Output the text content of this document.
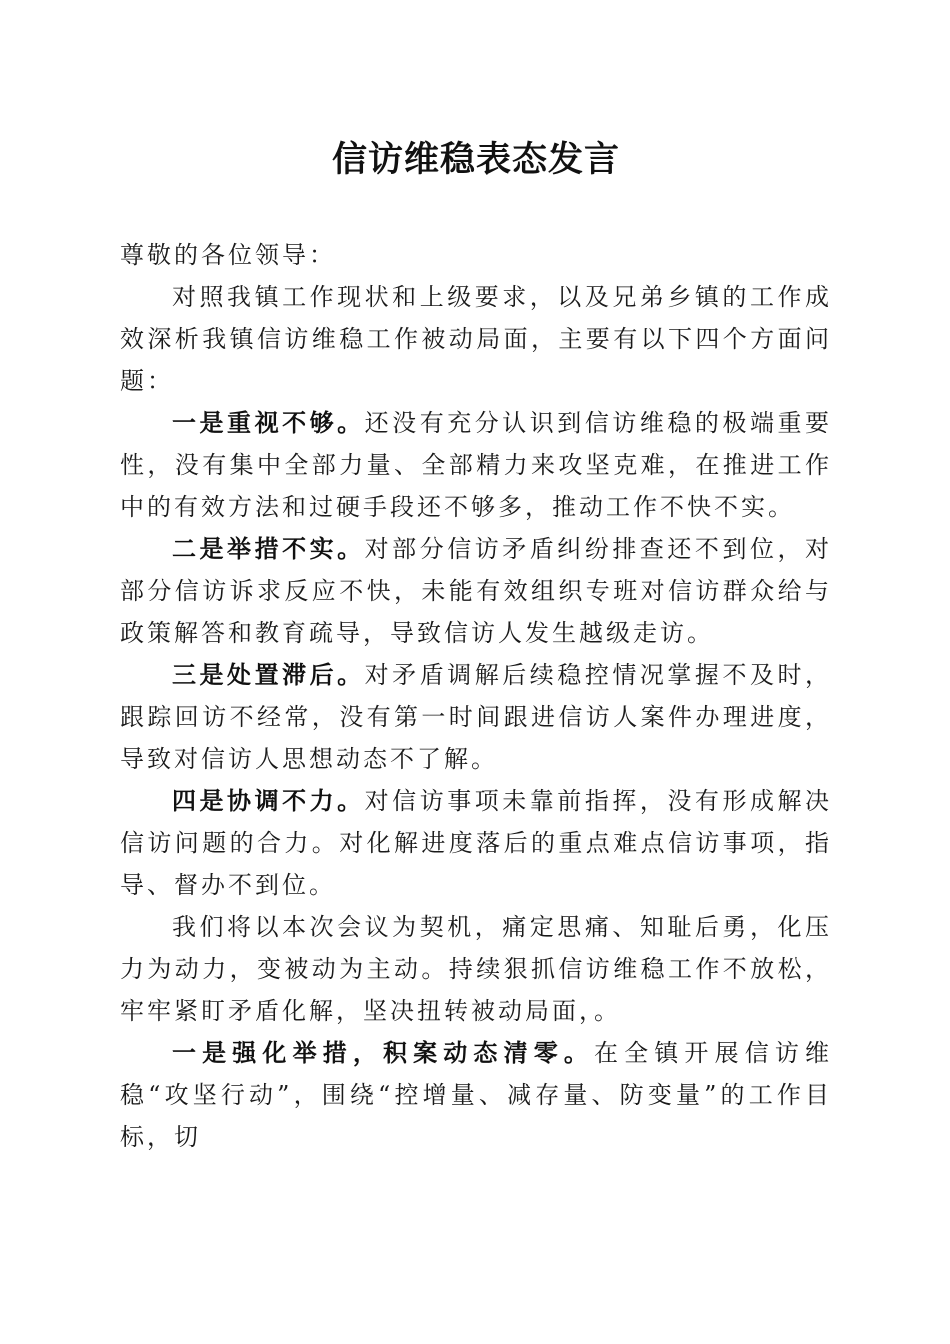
信访维稳表态发言

尊敬的各位领导：

对照我镇工作现状和上级要求，以及兄弟乡镇的工作成效深析我镇信访维稳工作被动局面，主要有以下四个方面问题：

一是重视不够。还没有充分认识到信访维稳的极端重要性，没有集中全部力量、全部精力来攻坚克难，在推进工作中的有效方法和过硬手段还不够多，推动工作不快不实。

二是举措不实。对部分信访矛盾纠纷排查还不到位，对部分信访诉求反应不快，未能有效组织专班对信访群众给与政策解答和教育疏导，导致信访人发生越级走访。

三是处置滞后。对矛盾调解后续稳控情况掌握不及时，跟踪回访不经常，没有第一时间跟进信访人案件办理进度，导致对信访人思想动态不了解。

四是协调不力。对信访事项未靠前指挥，没有形成解决信访问题的合力。对化解进度落后的重点难点信访事项，指导、督办不到位。

我们将以本次会议为契机，痛定思痛、知耻后勇，化压力为动力，变被动为主动。持续狠抓信访维稳工作不放松，牢牢紧盯矛盾化解，坚决扭转被动局面，。

一是强化举措，积案动态清零。在全镇开展信访维稳“攻坚行动”，围绕“控增量、减存量、防变量”的工作目标，切
